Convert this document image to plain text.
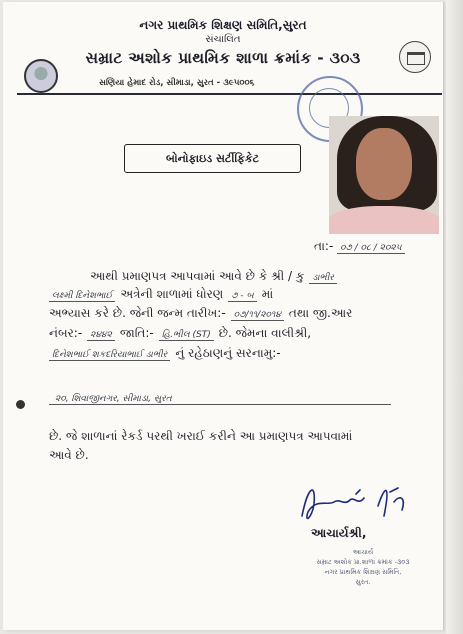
નગર પ્રાથમિક શિક્ષણ સમિતિ,સુરત
સંચાલિત
સમ્રાટ અશોક પ્રાથમિક શાળા ક્રમાંક - ૩૦૩
સણિયા હેમાદ રોડ, સીમાડા, સુરત - ૩૯૫૦૦૬
બોનોફાઇડ સર્ટીફિકેટ
તા:- ૦૭ / ૦૮ / ૨૦૨૫
આથી પ્રમાણપત્ર આપવામાં આવે છે કે શ્રી / કુ ડાભીર
લક્ષ્મી દિનેશભાઈ અત્રેની શાળામાં ધોરણ ૭ - બ માં
અભ્યાસ કરે છે. જેની જન્મ તારીખ:- ૦૭/૧૧/૨૦૧૪ તથા જી.આર
નંબર:- ૨૪૪૨ જાતિ:- હિ.ભીલ (ST) છે. જેમના વાલીશ્રી,
દિનેશભાઈ શકદરિયાભાઈ ડાભીર નું રહેઠાણનું સરનામુ:-
૨૦, શિવાજીનગર, સીમાડા, સુરત
છે. જે શાળાનાં રેકર્ડ પરથી ખરાઈ કરીને આ પ્રમાણપત્ર આપવામાં
આવે છે.
આચાર્યશ્રી,
આચાર્ય
સમ્રાટ અશોક પ્રા.શાળા ક્રમાંક -૩૦૩
નગર પ્રાથમિક શિક્ષણ સમિતિ,
સુરત.
